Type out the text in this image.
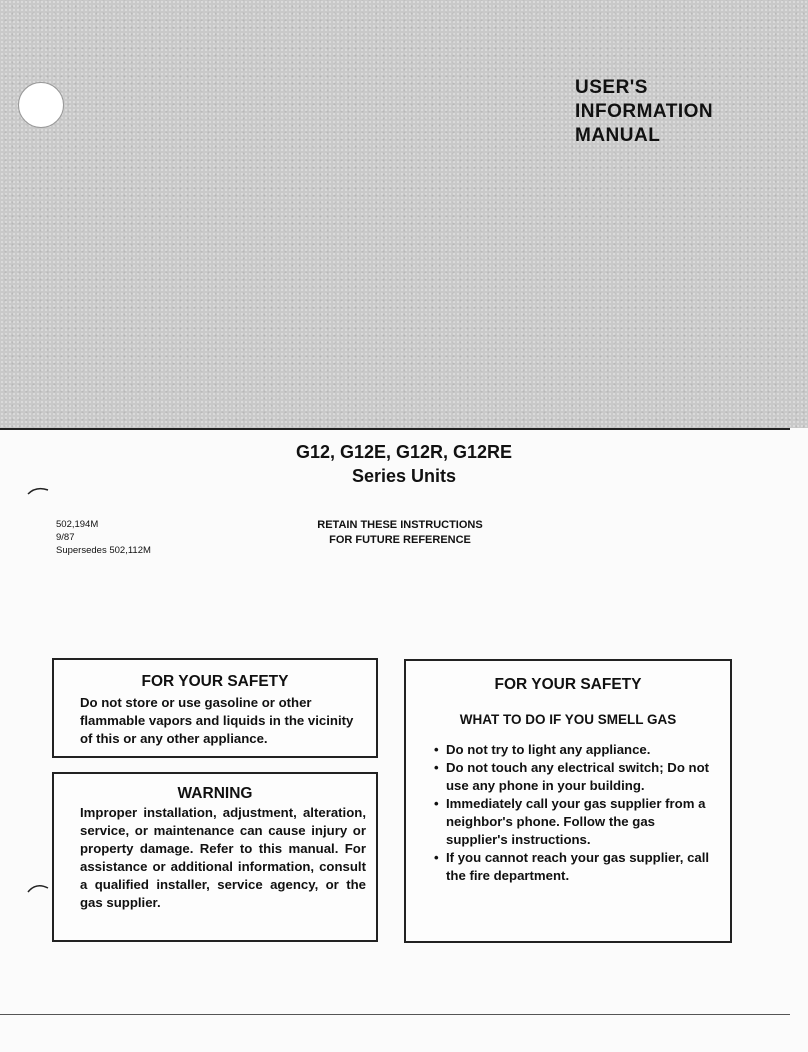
USER'S
INFORMATION
MANUAL
G12, G12E, G12R, G12RE
Series Units
502,194M
9/87
Supersedes 502,112M
RETAIN THESE INSTRUCTIONS
FOR FUTURE REFERENCE
FOR YOUR SAFETY

Do not store or use gasoline or other flammable vapors and liquids in the vicinity of this or any other appliance.

WARNING

Improper installation, adjustment, alteration, service, or maintenance can cause injury or property damage. Refer to this manual. For assistance or additional information, consult a qualified installer, service agency, or the gas supplier.

FOR YOUR SAFETY
WHAT TO DO IF YOU SMELL GAS
• Do not try to light any appliance.
• Do not touch any electrical switch; Do not use any phone in your building.
• Immediately call your gas supplier from a neighbor's phone. Follow the gas supplier's instructions.
• If you cannot reach your gas supplier, call the fire department.
